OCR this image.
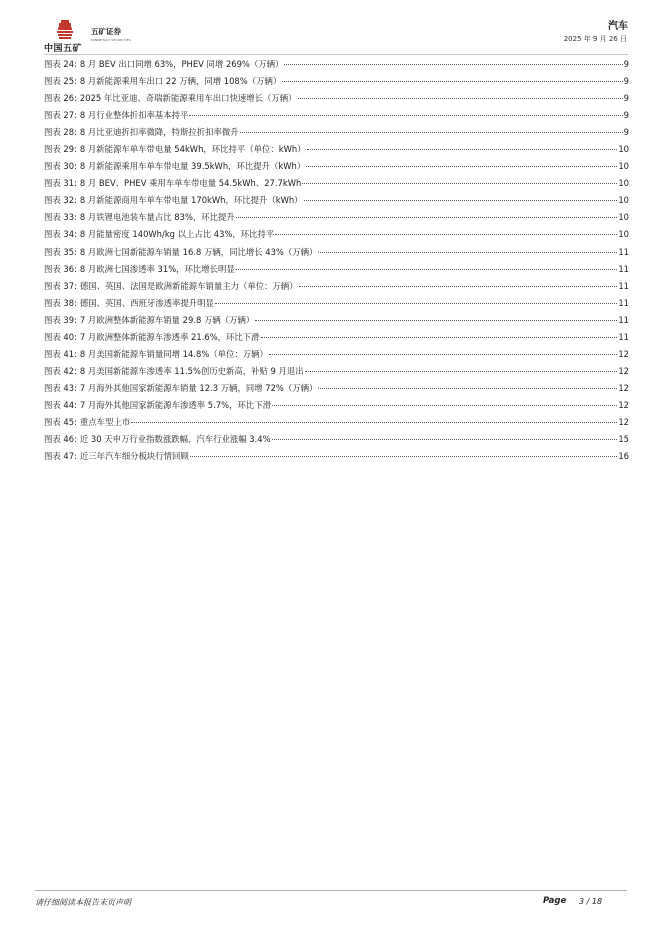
中国五矿
五矿证券
MINMETALS SECURITIES
汽车
2025 年 9 月 26 日
图表 24: 8 月 BEV 出口同增 63%，PHEV 同增 269%（万辆）	9
图表 25: 8 月新能源乘用车出口 22 万辆，同增 108%（万辆）	9
图表 26: 2025 年比亚迪、奇瑞新能源乘用车出口快速增长（万辆）	9
图表 27: 8 月行业整体折扣率基本持平	9
图表 28: 8 月比亚迪折扣率微降，特斯拉折扣率微升	9
图表 29: 8 月新能源车单车带电量 54kWh，环比持平（单位：kWh）	10
图表 30: 8 月新能源乘用车单车带电量 39.5kWh，环比提升（kWh）	10
图表 31: 8 月 BEV、PHEV 乘用车单车带电量 54.5kWh、27.7kWh	10
图表 32: 8 月新能源商用车单车带电量 170kWh，环比提升（kWh）	10
图表 33: 8 月铁锂电池装车量占比 83%，环比提升	10
图表 34: 8 月能量密度 140Wh/kg 以上占比 43%，环比持平	10
图表 35: 8 月欧洲七国新能源车销量 16.8 万辆，同比增长 43%（万辆）	11
图表 36: 8 月欧洲七国渗透率 31%，环比增长明显	11
图表 37: 德国、英国、法国是欧洲新能源车销量主力（单位：万辆）	11
图表 38: 德国、英国、西班牙渗透率提升明显	11
图表 39: 7 月欧洲整体新能源车销量 29.8 万辆（万辆）	11
图表 40: 7 月欧洲整体新能源车渗透率 21.6%，环比下滑	11
图表 41: 8 月美国新能源车销量同增 14.8%（单位：万辆）	12
图表 42: 8 月美国新能源车渗透率 11.5%创历史新高，补贴 9 月退出	12
图表 43: 7 月海外其他国家新能源车销量 12.3 万辆，同增 72%（万辆）	12
图表 44: 7 月海外其他国家新能源车渗透率 5.7%，环比下滑	12
图表 45: 重点车型上市	12
图表 46: 近 30 天申万行业指数涨跌幅，汽车行业涨幅 3.4%	15
图表 47: 近三年汽车细分板块行情回顾	16
请仔细阅读本报告末页声明	Page 3 / 18
